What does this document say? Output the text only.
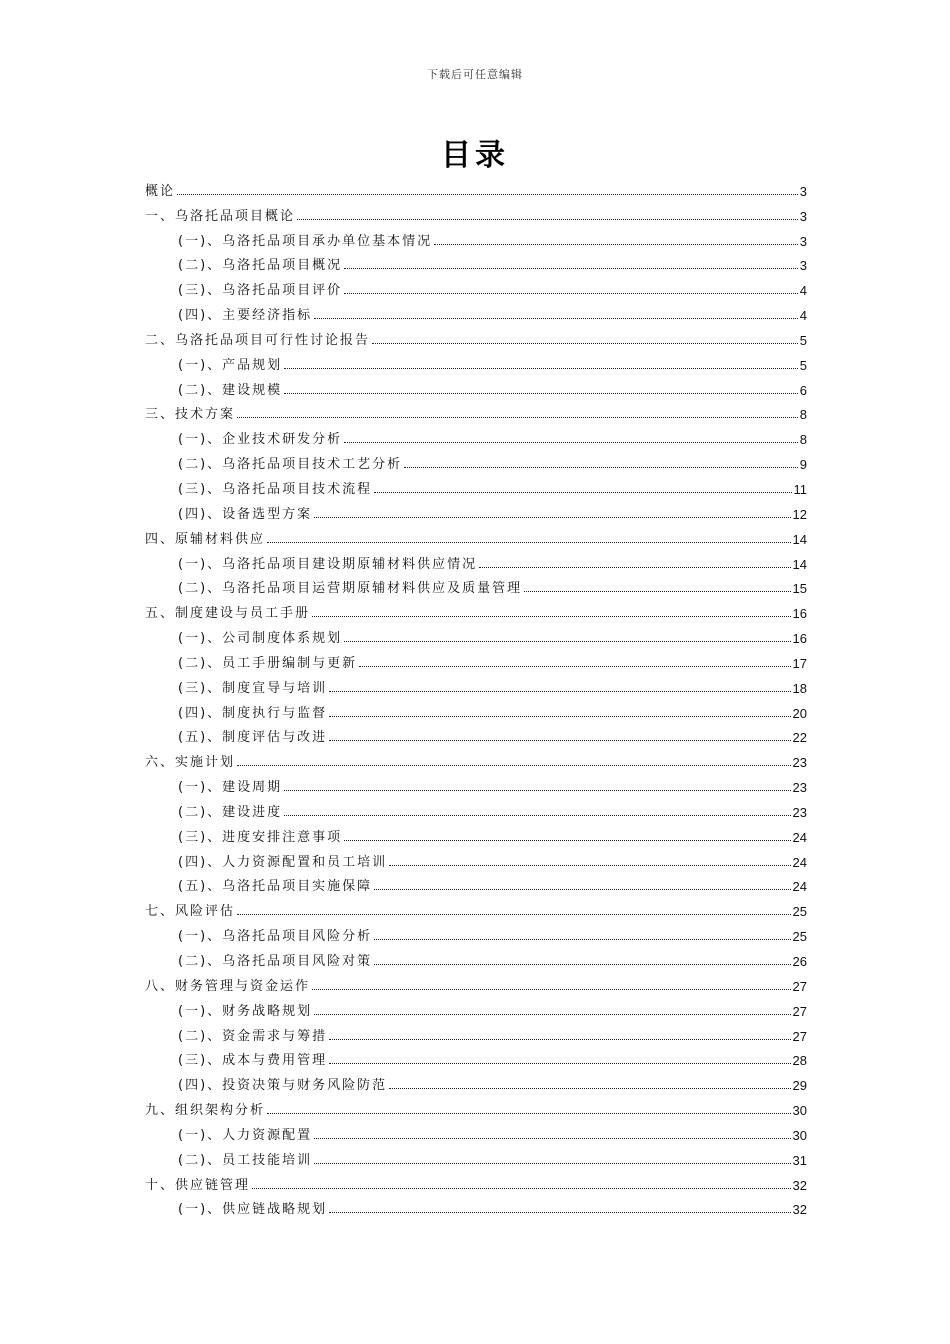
下载后可任意编辑
目录
概论	3
一、乌洛托品项目概论	3
(一)、乌洛托品项目承办单位基本情况	3
(二)、乌洛托品项目概况	3
(三)、乌洛托品项目评价	4
(四)、主要经济指标	4
二、乌洛托品项目可行性讨论报告	5
(一)、产品规划	5
(二)、建设规模	6
三、技术方案	8
(一)、企业技术研发分析	8
(二)、乌洛托品项目技术工艺分析	9
(三)、乌洛托品项目技术流程	11
(四)、设备选型方案	12
四、原辅材料供应	14
(一)、乌洛托品项目建设期原辅材料供应情况	14
(二)、乌洛托品项目运营期原辅材料供应及质量管理	15
五、制度建设与员工手册	16
(一)、公司制度体系规划	16
(二)、员工手册编制与更新	17
(三)、制度宣导与培训	18
(四)、制度执行与监督	20
(五)、制度评估与改进	22
六、实施计划	23
(一)、建设周期	23
(二)、建设进度	23
(三)、进度安排注意事项	24
(四)、人力资源配置和员工培训	24
(五)、乌洛托品项目实施保障	24
七、风险评估	25
(一)、乌洛托品项目风险分析	25
(二)、乌洛托品项目风险对策	26
八、财务管理与资金运作	27
(一)、财务战略规划	27
(二)、资金需求与筹措	27
(三)、成本与费用管理	28
(四)、投资决策与财务风险防范	29
九、组织架构分析	30
(一)、人力资源配置	30
(二)、员工技能培训	31
十、供应链管理	32
(一)、供应链战略规划	32
